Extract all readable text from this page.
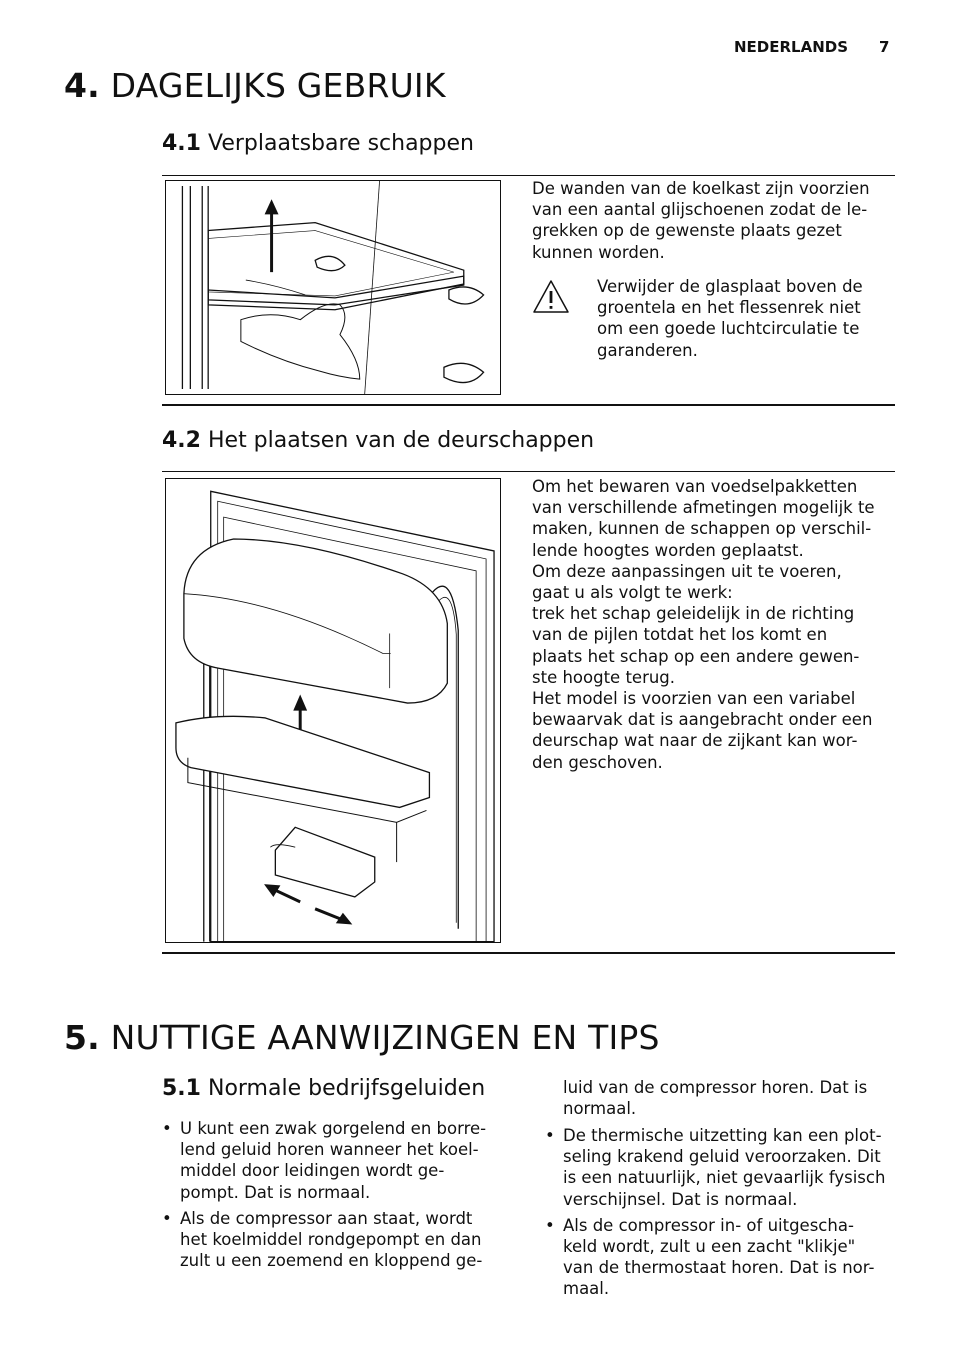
NEDERLANDS 7
4. DAGELIJKS GEBRUIK
4.1 Verplaatsbare schappen
De wanden van de koelkast zijn voorzien
van een aantal glijschoenen zodat de le-
grekken op de gewenste plaats gezet
kunnen worden.
Verwijder de glasplaat boven de
groentela en het flessenrek niet
om een goede luchtcirculatie te
garanderen.
4.2 Het plaatsen van de deurschappen
Om het bewaren van voedselpakketten
van verschillende afmetingen mogelijk te
maken, kunnen de schappen op verschil-
lende hoogtes worden geplaatst.
Om deze aanpassingen uit te voeren,
gaat u als volgt te werk:
trek het schap geleidelijk in de richting
van de pijlen totdat het los komt en
plaats het schap op een andere gewen-
ste hoogte terug.
Het model is voorzien van een variabel
bewaarvak dat is aangebracht onder een
deurschap wat naar de zijkant kan wor-
den geschoven.
5. NUTTIGE AANWIJZINGEN EN TIPS
5.1 Normale bedrijfsgeluiden
• U kunt een zwak gorgelend en borre-
lend geluid horen wanneer het koel-
middel door leidingen wordt ge-
pompt. Dat is normaal.
• Als de compressor aan staat, wordt
het koelmiddel rondgepompt en dan
zult u een zoemend en kloppend ge-
luid van de compressor horen. Dat is
normaal.
• De thermische uitzetting kan een plot-
seling krakend geluid veroorzaken. Dit
is een natuurlijk, niet gevaarlijk fysisch
verschijnsel. Dat is normaal.
• Als de compressor in- of uitgescha-
keld wordt, zult u een zacht "klikje"
van de thermostaat horen. Dat is nor-
maal.
